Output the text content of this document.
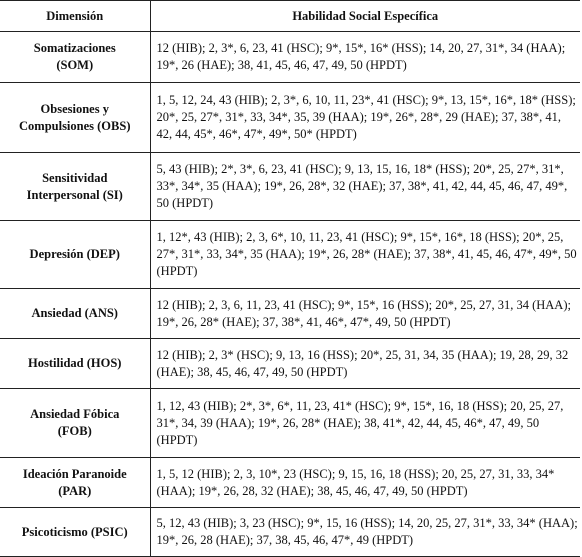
Dimensión	Habilidad Social Específica

Somatizaciones
(SOM)	12 (HIB); 2, 3*, 6, 23, 41 (HSC); 9*, 15*, 16* (HSS); 14, 20, 27, 31*, 34 (HAA); 19*, 26 (HAE); 38, 41, 45, 46, 47, 49, 50 (HPDT)

Obsesiones y
Compulsiones (OBS)	1, 5, 12, 24, 43 (HIB); 2, 3*, 6, 10, 11, 23*, 41 (HSC); 9*, 13, 15*, 16*, 18* (HSS); 20*, 25, 27*, 31*, 33, 34*, 35, 39 (HAA); 19*, 26*, 28*, 29 (HAE); 37, 38*, 41, 42, 44, 45*, 46*, 47*, 49*, 50* (HPDT)

Sensitividad
Interpersonal (SI)	5, 43 (HIB); 2*, 3*, 6, 23, 41 (HSC); 9, 13, 15, 16, 18* (HSS); 20*, 25, 27*, 31*, 33*, 34*, 35 (HAA); 19*, 26, 28*, 32 (HAE); 37, 38*, 41, 42, 44, 45, 46, 47, 49*, 50 (HPDT)

Depresión (DEP)	1, 12*, 43 (HIB); 2, 3, 6*, 10, 11, 23, 41 (HSC); 9*, 15*, 16*, 18 (HSS); 20*, 25, 27*, 31*, 33, 34*, 35 (HAA); 19*, 26, 28* (HAE); 37, 38*, 41, 45, 46, 47*, 49*, 50 (HPDT)

Ansiedad (ANS)	12 (HIB); 2, 3, 6, 11, 23, 41 (HSC); 9*, 15*, 16 (HSS); 20*, 25, 27, 31, 34 (HAA); 19*, 26, 28* (HAE); 37, 38*, 41, 46*, 47*, 49, 50 (HPDT)

Hostilidad (HOS)	12 (HIB); 2, 3* (HSC); 9, 13, 16 (HSS); 20*, 25, 31, 34, 35 (HAA); 19, 28, 29, 32 (HAE); 38, 45, 46, 47, 49, 50 (HPDT)

Ansiedad Fóbica
(FOB)	1, 12, 43 (HIB); 2*, 3*, 6*, 11, 23, 41* (HSC); 9*, 15*, 16, 18 (HSS); 20, 25, 27, 31*, 34, 39 (HAA); 19*, 26, 28* (HAE); 38, 41*, 42, 44, 45, 46*, 47, 49, 50 (HPDT)

Ideación Paranoide
(PAR)	1, 5, 12 (HIB); 2, 3, 10*, 23 (HSC); 9, 15, 16, 18 (HSS); 20, 25, 27, 31, 33, 34* (HAA); 19*, 26, 28, 32 (HAE); 38, 45, 46, 47, 49, 50 (HPDT)

Psicoticismo (PSIC)	5, 12, 43 (HIB); 3, 23 (HSC); 9*, 15, 16 (HSS); 14, 20, 25, 27, 31*, 33, 34* (HAA); 19*, 26, 28 (HAE); 37, 38, 45, 46, 47*, 49 (HPDT)
